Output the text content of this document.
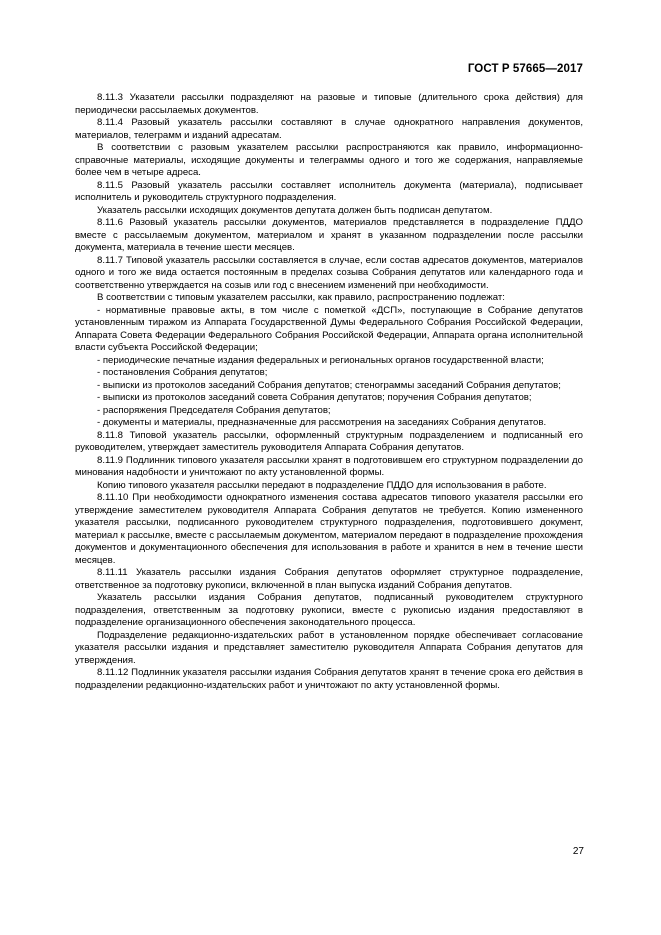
ГОСТ Р 57665—2017

8.11.3 Указатели рассылки подразделяют на разовые и типовые (длительного срока действия) для периодически рассылаемых документов.

8.11.4 Разовый указатель рассылки составляют в случае однократного направления документов, материалов, телеграмм и изданий адресатам.

В соответствии с разовым указателем рассылки распространяются как правило, информационно-справочные материалы, исходящие документы и телеграммы одного и того же содержания, направляемые более чем в четыре адреса.

8.11.5 Разовый указатель рассылки составляет исполнитель документа (материала), подписывает исполнитель и руководитель структурного подразделения.

Указатель рассылки исходящих документов депутата должен быть подписан депутатом.

8.11.6 Разовый указатель рассылки документов, материалов представляется в подразделение ПДДО вместе с рассылаемым документом, материалом и хранят в указанном подразделении после рассылки документа, материала в течение шести месяцев.

8.11.7 Типовой указатель рассылки составляется в случае, если состав адресатов документов, материалов одного и того же вида остается постоянным в пределах созыва Собрания депутатов или календарного года и соответственно утверждается на созыв или год с внесением изменений при необходимости.

В соответствии с типовым указателем рассылки, как правило, распространению подлежат:

- нормативные правовые акты, в том числе с пометкой «ДСП», поступающие в Собрание депутатов установленным тиражом из Аппарата Государственной Думы Федерального Собрания Российской Федерации, Аппарата Совета Федерации Федерального Собрания Российской Федерации, Аппарата органа исполнительной власти субъекта Российской Федерации;

- периодические печатные издания федеральных и региональных органов государственной власти;

- постановления Собрания депутатов;

- выписки из протоколов заседаний Собрания депутатов; стенограммы заседаний Собрания депутатов;

- выписки из протоколов заседаний совета Собрания депутатов; поручения Собрания депутатов;

- распоряжения Председателя Собрания депутатов;

- документы и материалы, предназначенные для рассмотрения на заседаниях Собрания депутатов.

8.11.8 Типовой указатель рассылки, оформленный структурным подразделением и подписанный его руководителем, утверждает заместитель руководителя Аппарата Собрания депутатов.

8.11.9 Подлинник типового указателя рассылки хранят в подготовившем его структурном подразделении до минования надобности и уничтожают по акту установленной формы.

Копию типового указателя рассылки передают в подразделение ПДДО для использования в работе.

8.11.10 При необходимости однократного изменения состава адресатов типового указателя рассылки его утверждение заместителем руководителя Аппарата Собрания депутатов не требуется. Копию измененного указателя рассылки, подписанного руководителем структурного подразделения, подготовившего документ, материал к рассылке, вместе с рассылаемым документом, материалом передают в подразделение прохождения документов и документационного обеспечения для использования в работе и хранится в нем в течение шести месяцев.

8.11.11 Указатель рассылки издания Собрания депутатов оформляет структурное подразделение, ответственное за подготовку рукописи, включенной в план выпуска изданий Собрания депутатов.

Указатель рассылки издания Собрания депутатов, подписанный руководителем структурного подразделения, ответственным за подготовку рукописи, вместе с рукописью издания предоставляют в подразделение организационного обеспечения законодательного процесса.

Подразделение редакционно-издательских работ в установленном порядке обеспечивает согласование указателя рассылки издания и представляет заместителю руководителя Аппарата Собрания депутатов для утверждения.

8.11.12 Подлинник указателя рассылки издания Собрания депутатов хранят в течение срока его действия в подразделении редакционно-издательских работ и уничтожают по акту установленной формы.

27
